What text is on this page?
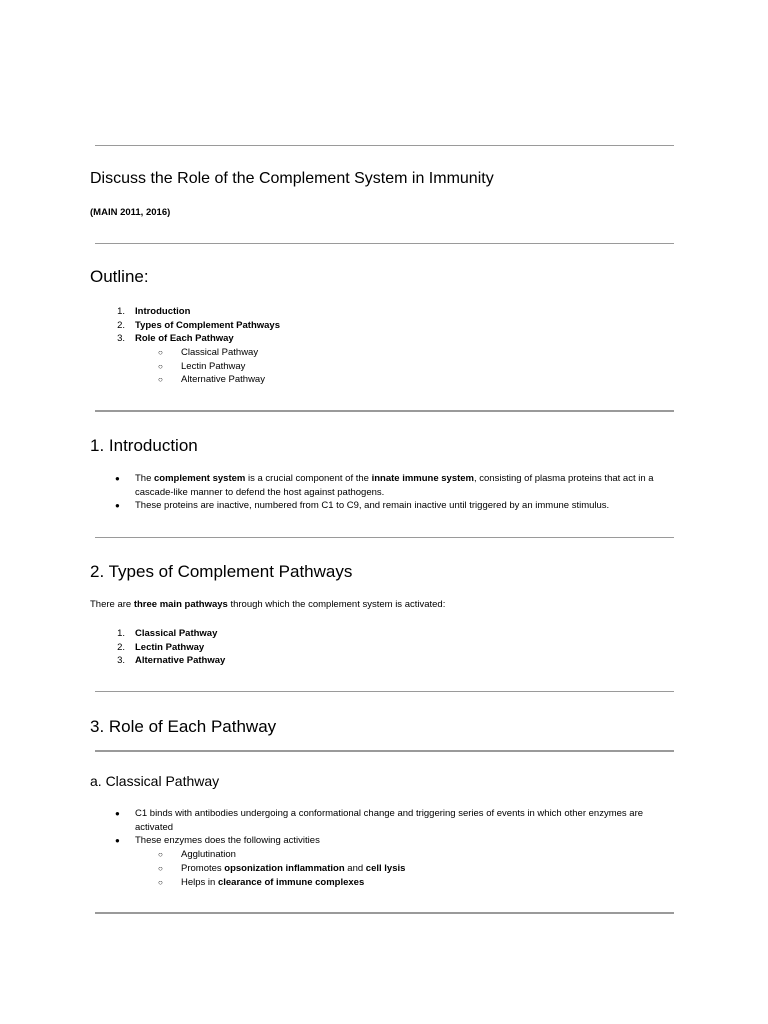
Discuss the Role of the Complement System in Immunity
(MAIN 2011, 2016)
Outline:
1. Introduction
2. Types of Complement Pathways
3. Role of Each Pathway
○ Classical Pathway
○ Lectin Pathway
○ Alternative Pathway
1. Introduction
● The complement system is a crucial component of the innate immune system, consisting of plasma proteins that act in a cascade-like manner to defend the host against pathogens.
● These proteins are inactive, numbered from C1 to C9, and remain inactive until triggered by an immune stimulus.
2. Types of Complement Pathways
There are three main pathways through which the complement system is activated:
1. Classical Pathway
2. Lectin Pathway
3. Alternative Pathway
3. Role of Each Pathway
a. Classical Pathway
● C1 binds with antibodies undergoing a conformational change and triggering series of events in which other enzymes are activated
● These enzymes does the following activities
○ Agglutination
○ Promotes opsonization inflammation and cell lysis
○ Helps in clearance of immune complexes
